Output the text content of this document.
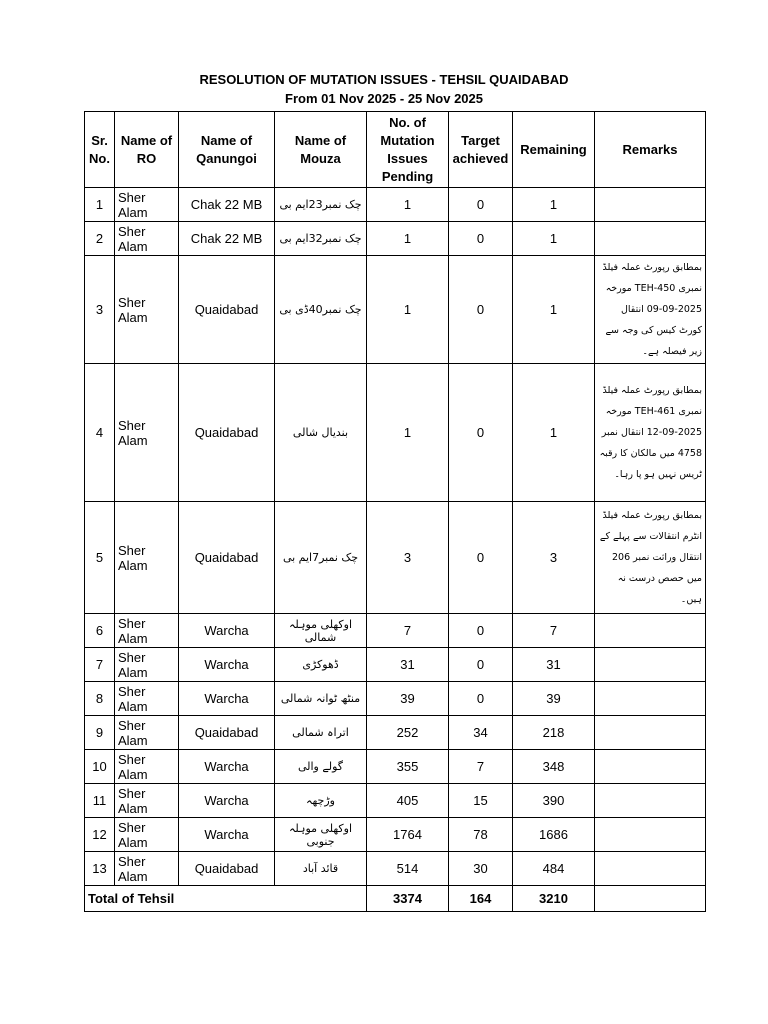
RESOLUTION OF MUTATION ISSUES - TEHSIL QUAIDABAD
From 01 Nov 2025 - 25 Nov 2025
Sr. No.	Name of RO	Name of Qanungoi	Name of Mouza	No. of Mutation Issues Pending	Target achieved	Remaining	Remarks
1	Sher Alam	Chak 22 MB	چک نمبر23ایم بی	1	0	1	
2	Sher Alam	Chak 22 MB	چک نمبر32ایم بی	1	0	1	
3	Sher Alam	Quaidabad	چک نمبر40ڈی بی	1	0	1	بمطابق رپورٹ عملہ فیلڈ نمبری TEH-450 مورخہ 2025-09-09 انتقال کورٹ کیس کی وجہ سے زیر فیصلہ ہے۔
4	Sher Alam	Quaidabad	بندیال شالی	1	0	1	بمطابق رپورٹ عملہ فیلڈ نمبری TEH-461 مورخہ 2025-09-12 انتقال نمبر 4758 میں مالکان کا رقبہ ٹریس نہیں ہو پا رہا۔
5	Sher Alam	Quaidabad	چک نمبر7ایم بی	3	0	3	بمطابق رپورٹ عملہ فیلڈ انٹرم انتقالات سے پہلے کے انتقال وراثت نمبر 206 میں حصص درست نہ ہیں۔
6	Sher Alam	Warcha	اوکھلی موہلہ شمالی	7	0	7	
7	Sher Alam	Warcha	ڈھوکڑی	31	0	31	
8	Sher Alam	Warcha	منٹھ ٹوانہ شمالی	39	0	39	
9	Sher Alam	Quaidabad	اتراہ شمالی	252	34	218	
10	Sher Alam	Warcha	گولے والی	355	7	348	
11	Sher Alam	Warcha	وڑچھہ	405	15	390	
12	Sher Alam	Warcha	اوکھلی موہلہ جنوبی	1764	78	1686	
13	Sher Alam	Quaidabad	قائد آباد	514	30	484	
Total of Tehsil				3374	164	3210	
